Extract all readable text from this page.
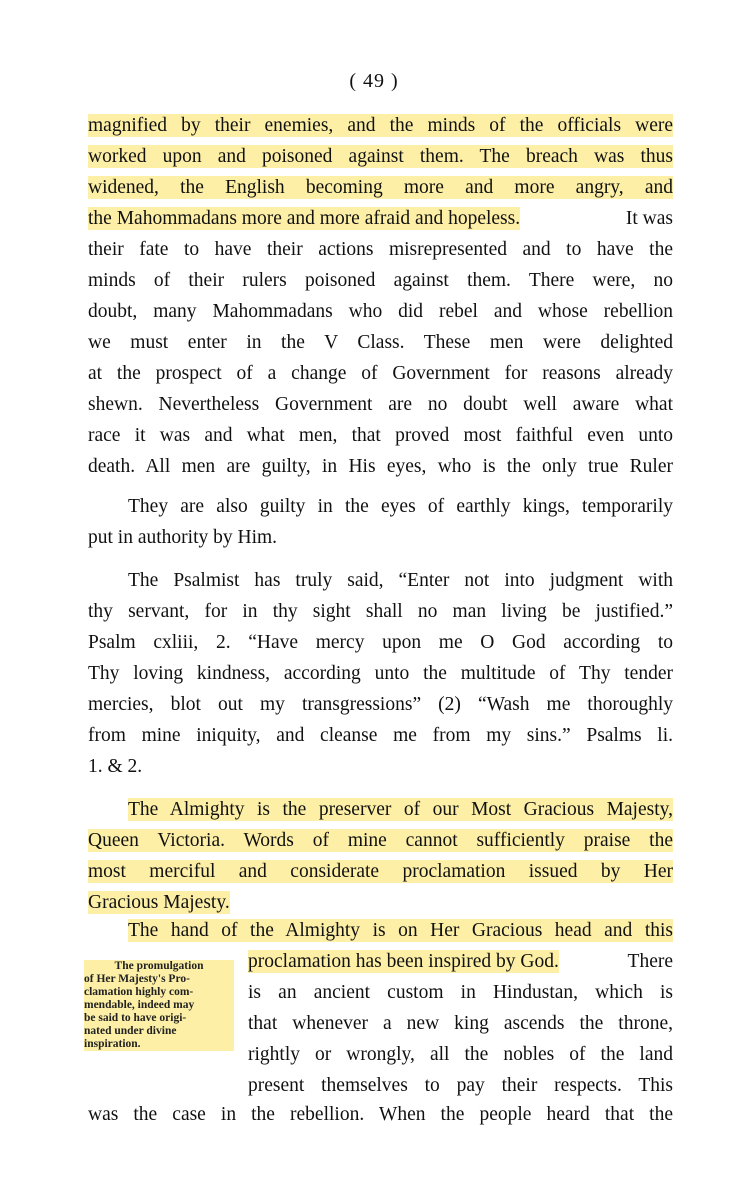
( 49 )
magnified by their enemies, and the minds of the officials were
worked upon and poisoned against them. The breach was thus
widened, the English becoming more and more angry, and
the Mahommadans more and more afraid and hopeless.	It was
their fate to have their actions misrepresented and to have the
minds of their rulers poisoned against them. There were, no
doubt, many Mahommadans who did rebel and whose rebellion
we must enter in the V Class. These men were delighted
at the prospect of a change of Government for reasons already
shewn. Nevertheless Government are no doubt well aware what
race it was and what men, that proved most faithful even unto
death. All men are guilty, in His eyes, who is the only true Ruler
They are also guilty in the eyes of earthly kings, temporarily
put in authority by Him.
The Psalmist has truly said, “Enter not into judgment with
thy servant, for in thy sight shall no man living be justified.”
Psalm cxliii, 2. “Have mercy upon me O God according to
Thy loving kindness, according unto the multitude of Thy tender
mercies, blot out my transgressions” (2) “Wash me thoroughly
from mine iniquity, and cleanse me from my sins.” Psalms li.
1. & 2.
The Almighty is the preserver of our Most Gracious Majesty,
Queen Victoria. Words of mine cannot sufficiently praise the
most merciful and considerate proclamation issued by Her
Gracious Majesty.
The hand of the Almighty is on Her Gracious head and this
proclamation has been inspired by God.	There
is an ancient custom in Hindustan, which is
that whenever a new king ascends the throne,
rightly or wrongly, all the nobles of the land
present themselves to pay their respects. This
was the case in the rebellion. When the people heard that the
The promulgation
of Her Majesty's Pro-
clamation highly com-
mendable, indeed may
be said to have origi-
nated under divine
inspiration.
